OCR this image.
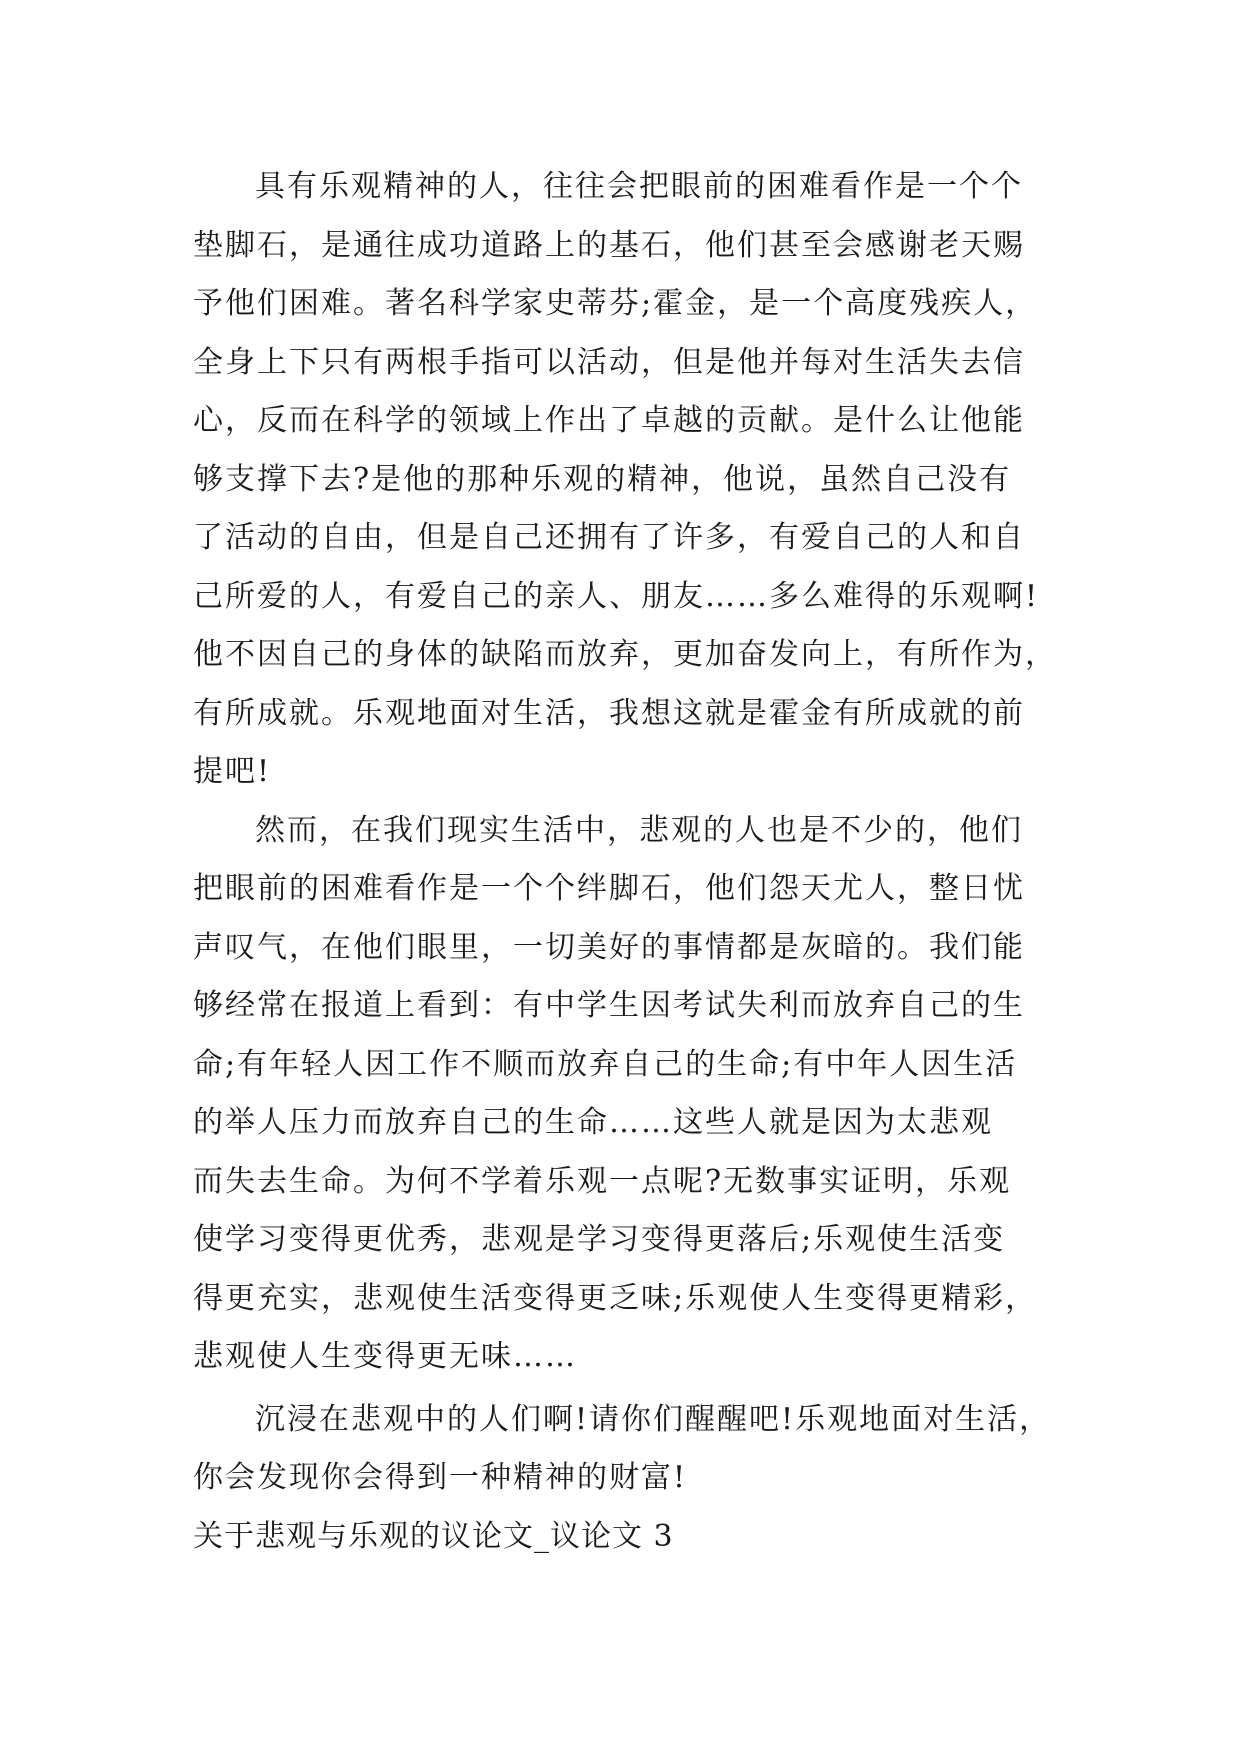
具有乐观精神的人，往往会把眼前的困难看作是一个个
垫脚石，是通往成功道路上的基石，他们甚至会感谢老天赐
予他们困难。著名科学家史蒂芬;霍金，是一个高度残疾人，
全身上下只有两根手指可以活动，但是他并每对生活失去信
心，反而在科学的领域上作出了卓越的贡献。是什么让他能
够支撑下去?是他的那种乐观的精神，他说，虽然自己没有
了活动的自由，但是自己还拥有了许多，有爱自己的人和自
己所爱的人，有爱自己的亲人、朋友……多么难得的乐观啊!
他不因自己的身体的缺陷而放弃，更加奋发向上，有所作为，
有所成就。乐观地面对生活，我想这就是霍金有所成就的前
提吧!
然而，在我们现实生活中，悲观的人也是不少的，他们
把眼前的困难看作是一个个绊脚石，他们怨天尤人，整日忧
声叹气，在他们眼里，一切美好的事情都是灰暗的。我们能
够经常在报道上看到：有中学生因考试失利而放弃自己的生
命;有年轻人因工作不顺而放弃自己的生命;有中年人因生活
的举人压力而放弃自己的生命……这些人就是因为太悲观
而失去生命。为何不学着乐观一点呢?无数事实证明，乐观
使学习变得更优秀，悲观是学习变得更落后;乐观使生活变
得更充实，悲观使生活变得更乏味;乐观使人生变得更精彩，
悲观使人生变得更无味……
沉浸在悲观中的人们啊!请你们醒醒吧!乐观地面对生活，
你会发现你会得到一种精神的财富!
关于悲观与乐观的议论文_议论文 3
